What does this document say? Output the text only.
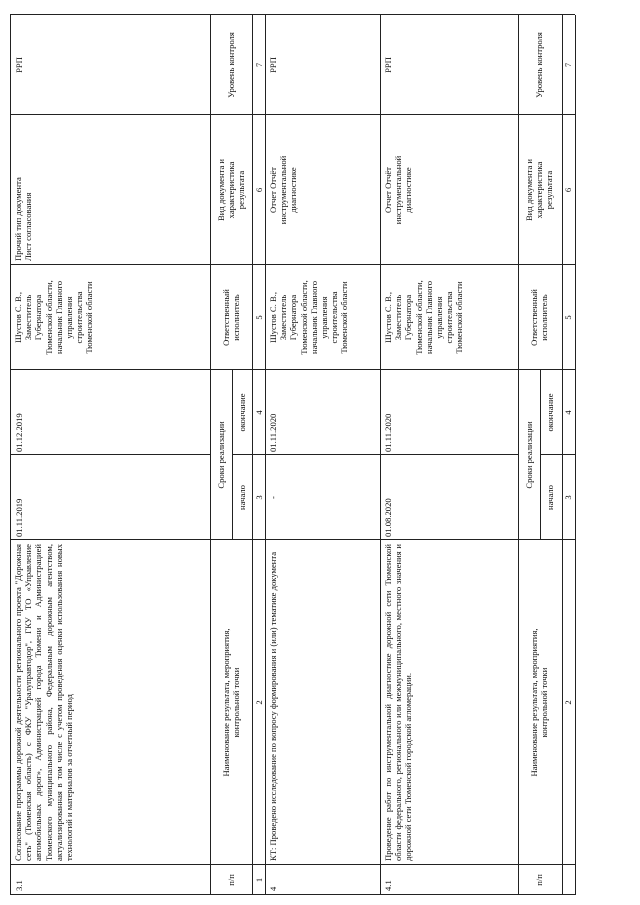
3.1
Согласование программы дорожной деятельности регионального проекта "Дорожная сеть" (Тюменская область) с ФКУ "Уралуправтодор", ГКУ ТО «Управление автомобильных дорог», Администрацией города Тюмени и Администрацией Тюменского муниципального района, Федеральным дорожным агентством, актуализированная в том числе с учетом проведения оценки использования новых технологий и материалов за отчетный период
01.11.2019
01.12.2019
Шустов С. В.,
Заместитель
Губернатора
Тюменской области,
начальник Главного
управления
строительства
Тюменской области
Прочий тип документа
Лист согласования
РРП
п/п
Наименование результата, мероприятия,
контрольной точки
Сроки реализации
начало
окончание
Ответственный
исполнитель
Вид документа и
характеристика
результата
Уровень контроля
1
2
3
4
5
6
7
4
КТ: Проведено исследование по вопросу формирования и (или) тематике документа
-
01.11.2020
Шустов С. В.,
Заместитель
Губернатора
Тюменской области,
начальник Главного
управления
строительства
Тюменской области
Отчет Отчёт
инструментальной
диагностике
РРП
4.1
Проведение работ по инструментальной диагностике дорожной сети Тюменской области федерального, регионального или межмуниципального, местного значения и дорожной сети Тюменской городской агломерации.
01.08.2020
01.11.2020
Шустов С. В.,
Заместитель
Губернатора
Тюменской области,
начальник Главного
управления
строительства
Тюменской области
Отчет Отчёт
инструментальной
диагностике
РРП
п/п
Наименование результата, мероприятия,
контрольной точки
Сроки реализации
начало
окончание
Ответственный
исполнитель
Вид документа и
характеристика
результата
Уровень контроля
2
3
4
5
6
7
